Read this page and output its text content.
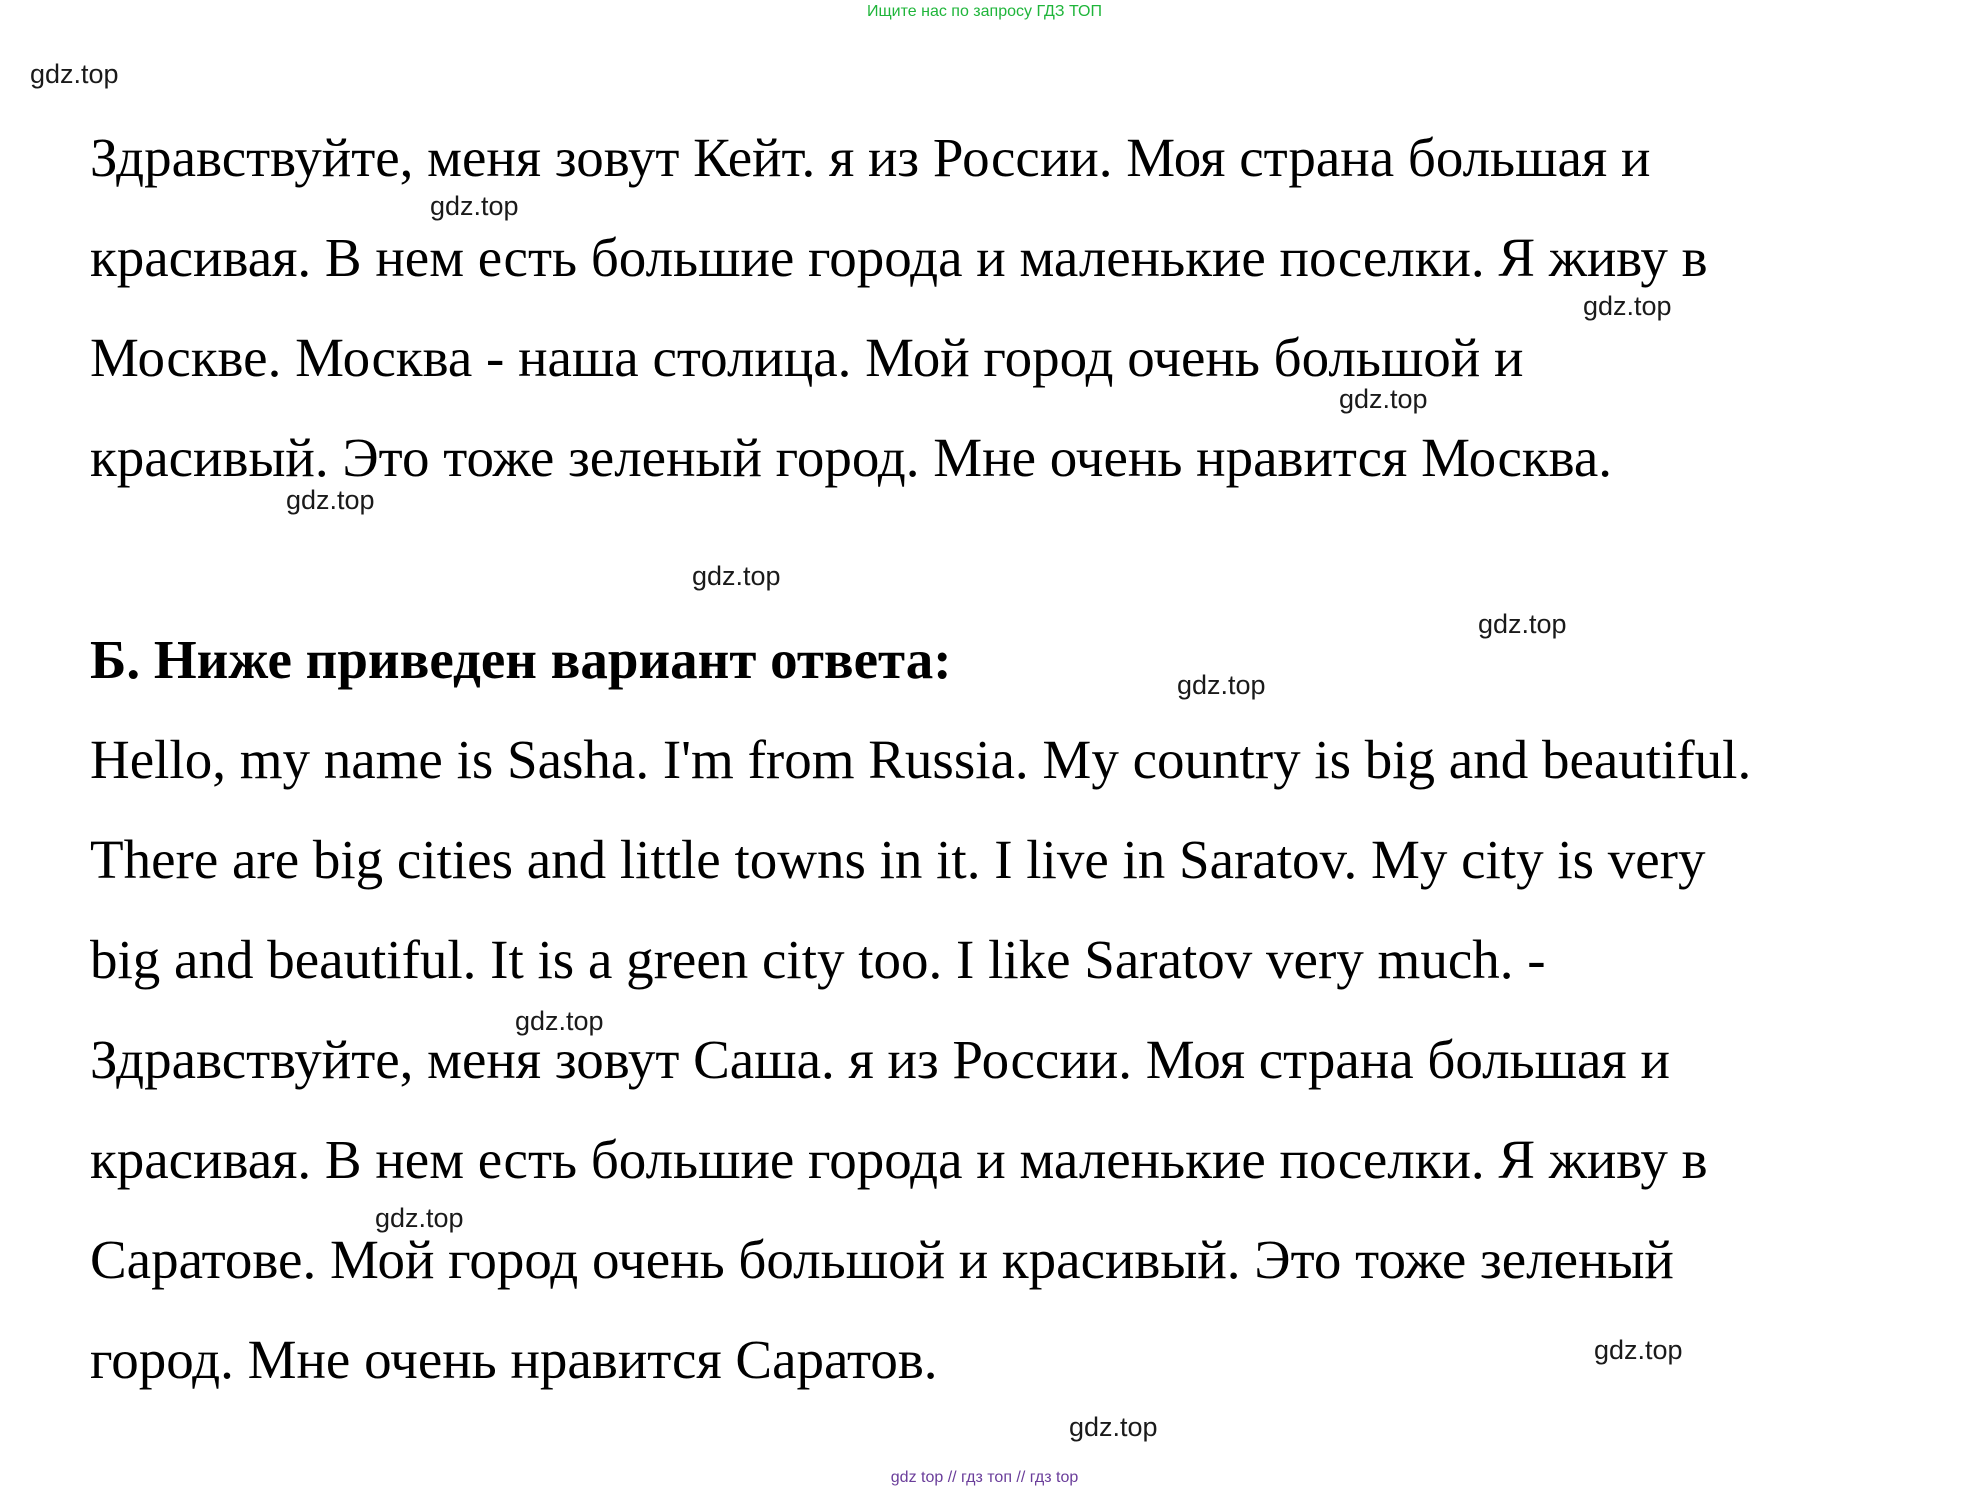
Ищите нас по запросу ГДЗ ТОП
Здравствуйте, меня зовут Кейт. я из России. Моя страна большая и
красивая. В нем есть большие города и маленькие поселки. Я живу в
Москве. Москва - наша столица. Мой город очень большой и
красивый. Это тоже зеленый город. Мне очень нравится Москва.
Б. Ниже приведен вариант ответа:
Hello, my name is Sasha. I'm from Russia. My country is big and beautiful.
There are big cities and little towns in it. I live in Saratov. My city is very
big and beautiful. It is a green city too. I like Saratov very much. -
Здравствуйте, меня зовут Саша. я из России. Моя страна большая и
красивая. В нем есть большие города и маленькие поселки. Я живу в
Саратове. Мой город очень большой и красивый. Это тоже зеленый
город. Мне очень нравится Саратов.
gdz.top
gdz.top
gdz.top
gdz.top
gdz.top
gdz.top
gdz.top
gdz.top
gdz.top
gdz.top
gdz.top
gdz.top
gdz top // гдз топ // гдз top
